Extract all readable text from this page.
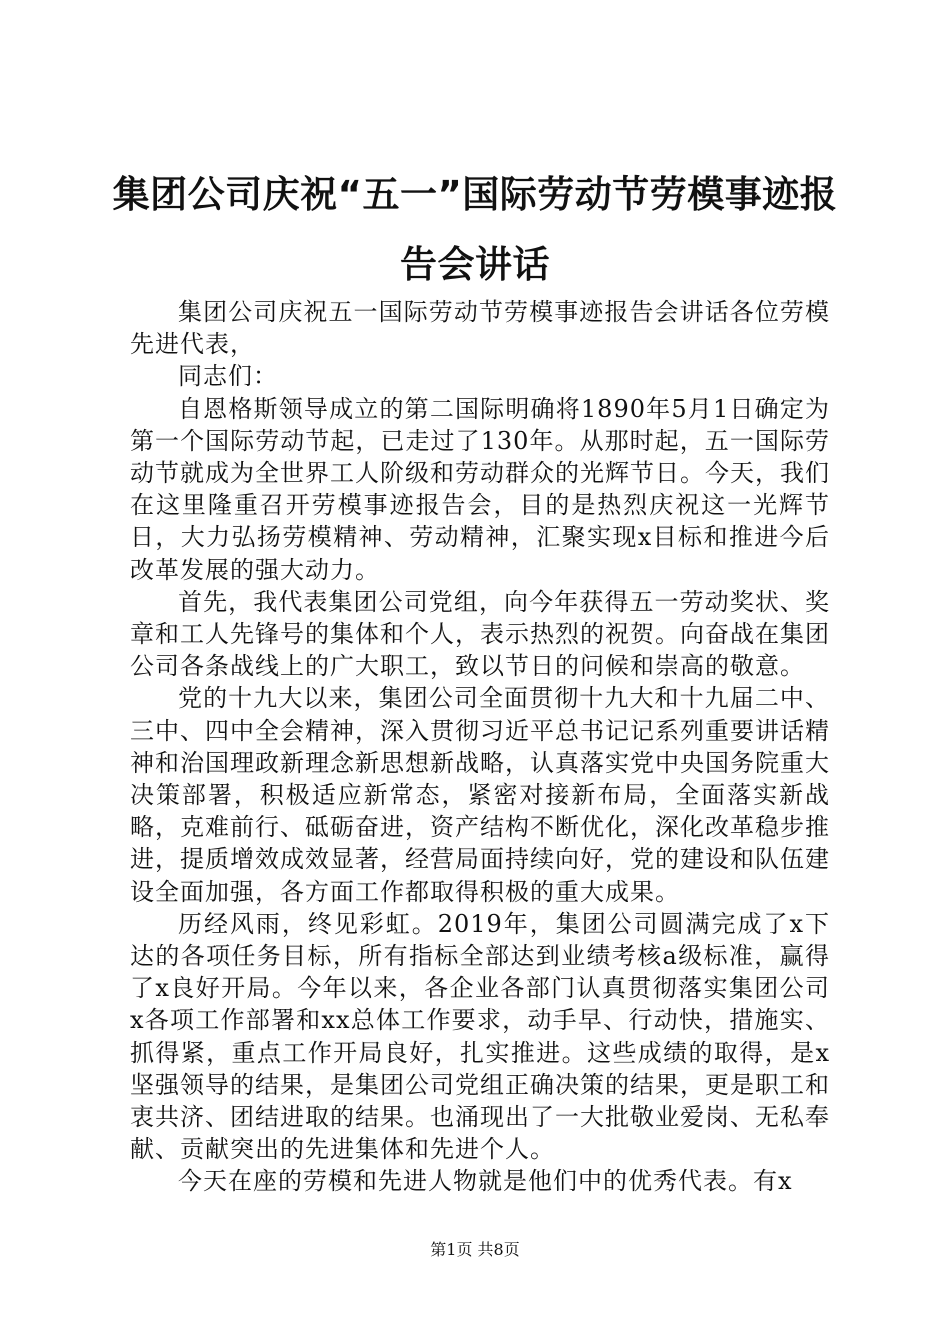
集团公司庆祝“五一”国际劳动节劳模事迹报告会讲话

集团公司庆祝五一国际劳动节劳模事迹报告会讲话各位劳模先进代表，

同志们：

自恩格斯领导成立的第二国际明确将1890年5月1日确定为第一个国际劳动节起，已走过了130年。从那时起，五一国际劳动节就成为全世界工人阶级和劳动群众的光辉节日。今天，我们在这里隆重召开劳模事迹报告会，目的是热烈庆祝这一光辉节日，大力弘扬劳模精神、劳动精神，汇聚实现x目标和推进今后改革发展的强大动力。

首先，我代表集团公司党组，向今年获得五一劳动奖状、奖章和工人先锋号的集体和个人，表示热烈的祝贺。向奋战在集团公司各条战线上的广大职工，致以节日的问候和崇高的敬意。

党的十九大以来，集团公司全面贯彻十九大和十九届二中、三中、四中全会精神，深入贯彻习近平总书记记系列重要讲话精神和治国理政新理念新思想新战略，认真落实党中央国务院重大决策部署，积极适应新常态，紧密对接新布局，全面落实新战略，克难前行、砥砺奋进，资产结构不断优化，深化改革稳步推进，提质增效成效显著，经营局面持续向好，党的建设和队伍建设全面加强，各方面工作都取得积极的重大成果。

历经风雨，终见彩虹。2019年，集团公司圆满完成了x下达的各项任务目标，所有指标全部达到业绩考核a级标准，赢得了x良好开局。今年以来，各企业各部门认真贯彻落实集团公司x各项工作部署和xx总体工作要求，动手早、行动快，措施实、抓得紧，重点工作开局良好，扎实推进。这些成绩的取得，是x坚强领导的结果，是集团公司党组正确决策的结果，更是职工和衷共济、团结进取的结果。也涌现出了一大批敬业爱岗、无私奉献、贡献突出的先进集体和先进个人。

今天在座的劳模和先进人物就是他们中的优秀代表。有x

第1页 共8页
